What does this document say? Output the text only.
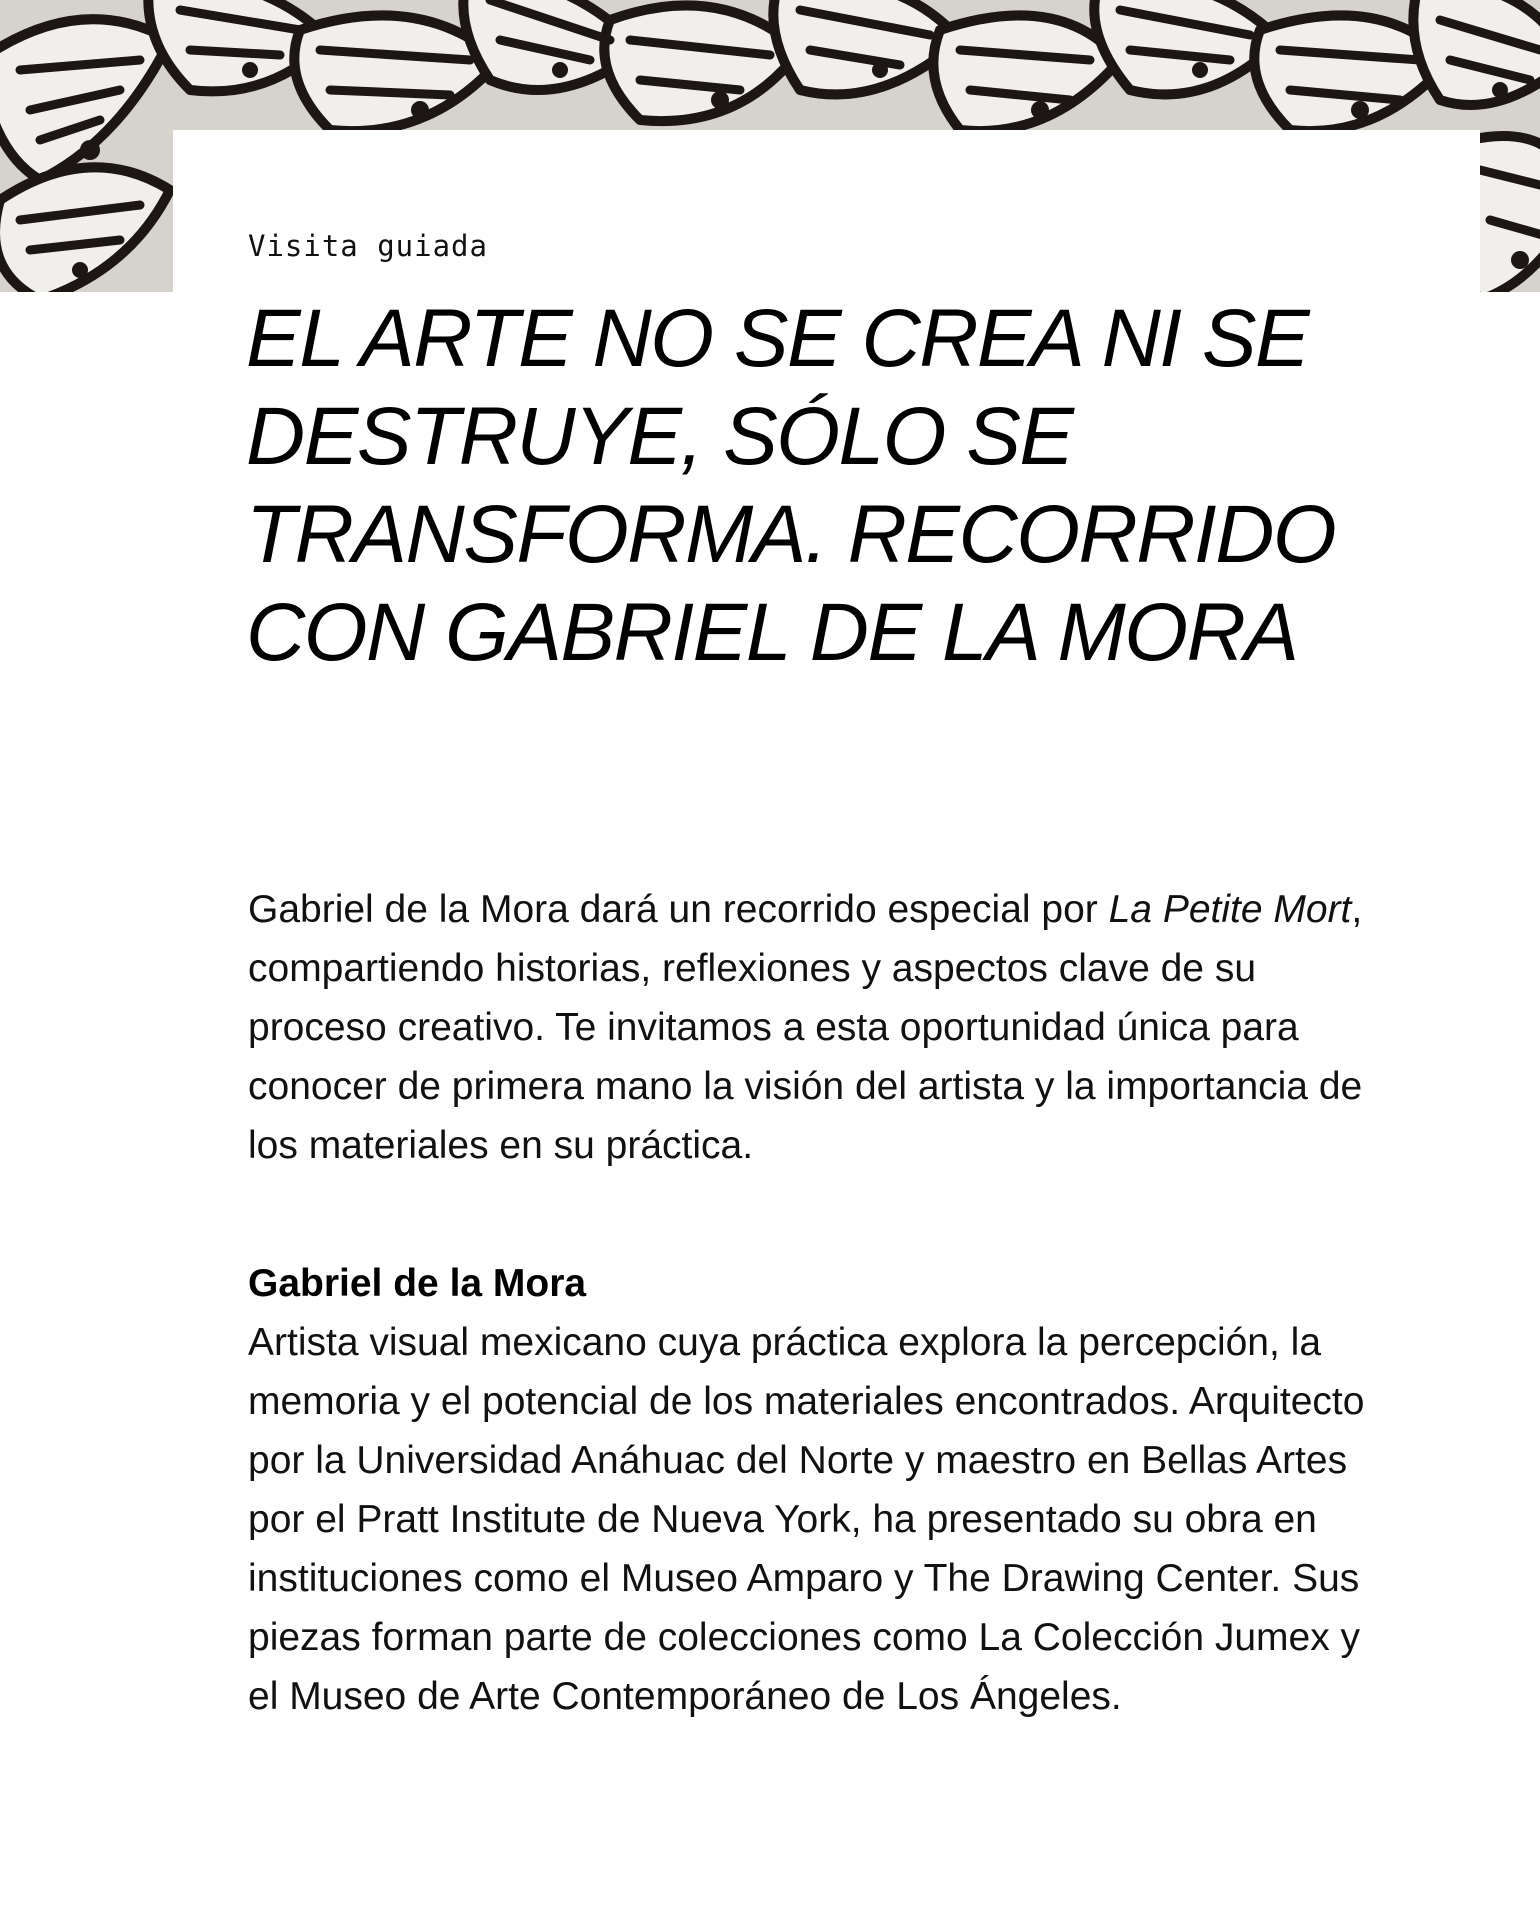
Visita guiada

EL ARTE NO SE CREA NI SE DESTRUYE, SÓLO SE TRANSFORMA. RECORRIDO CON GABRIEL DE LA MORA

Gabriel de la Mora dará un recorrido especial por La Petite Mort, compartiendo historias, reflexiones y aspectos clave de su proceso creativo. Te invitamos a esta oportunidad única para conocer de primera mano la visión del artista y la importancia de los materiales en su práctica.

Gabriel de la Mora

Artista visual mexicano cuya práctica explora la percepción, la memoria y el potencial de los materiales encontrados. Arquitecto por la Universidad Anáhuac del Norte y maestro en Bellas Artes por el Pratt Institute de Nueva York, ha presentado su obra en instituciones como el Museo Amparo y The Drawing Center. Sus piezas forman parte de colecciones como La Colección Jumex y el Museo de Arte Contemporáneo de Los Ángeles.
